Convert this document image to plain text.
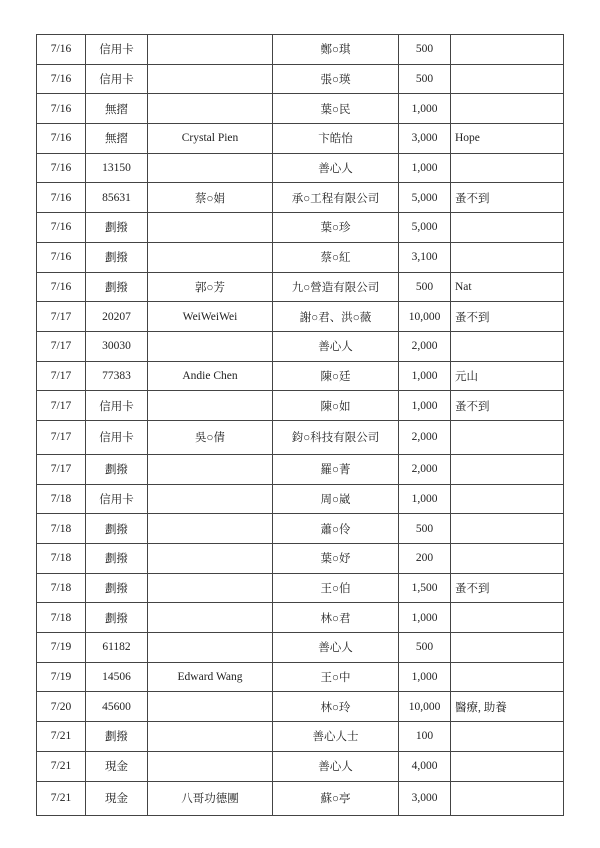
7/16	信用卡		鄭○琪	500	
7/16	信用卡		張○瑛	500	
7/16	無摺		葉○民	1,000	
7/16	無摺	Crystal Pien	卞皓怡	3,000	Hope
7/16	13150		善心人	1,000	
7/16	85631	蔡○娟	承○工程有限公司	5,000	蚤不到
7/16	劃撥		葉○珍	5,000	
7/16	劃撥		蔡○紅	3,100	
7/16	劃撥	郭○芳	九○營造有限公司	500	Nat
7/17	20207	WeiWeiWei	謝○君、洪○薇	10,000	蚤不到
7/17	30030		善心人	2,000	
7/17	77383	Andie Chen	陳○廷	1,000	元山
7/17	信用卡		陳○如	1,000	蚤不到
7/17	信用卡	吳○倩	鈞○科技有限公司	2,000	
7/17	劃撥		羅○菁	2,000	
7/18	信用卡		周○崴	1,000	
7/18	劃撥		蕭○伶	500	
7/18	劃撥		葉○妤	200	
7/18	劃撥		王○伯	1,500	蚤不到
7/18	劃撥		林○君	1,000	
7/19	61182		善心人	500	
7/19	14506	Edward Wang	王○中	1,000	
7/20	45600		林○玲	10,000	醫療, 助養
7/21	劃撥		善心人士	100	
7/21	現金		善心人	4,000	
7/21	現金	八哥功德團	蘇○亭	3,000	
